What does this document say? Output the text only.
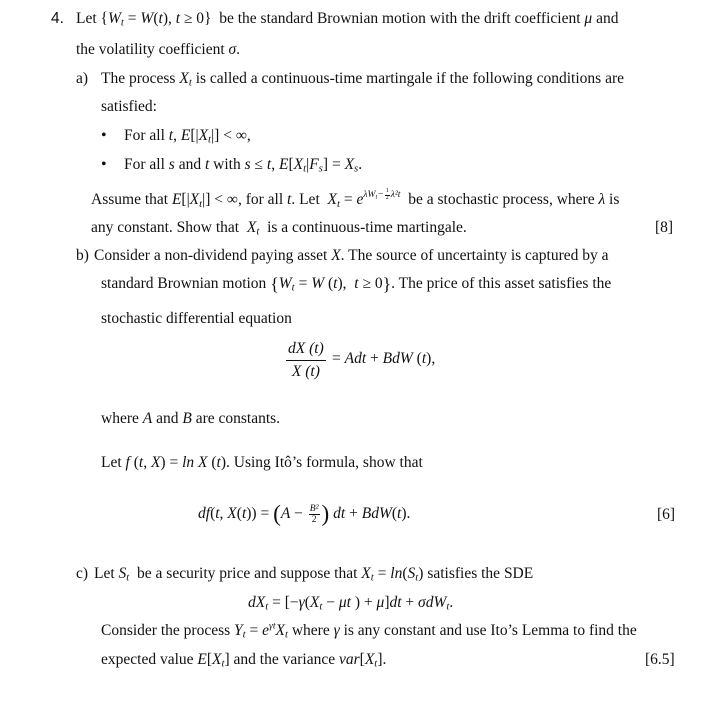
4. Let {$W_t = W(t)$, t ≥ 0}  be the standard Brownian motion with the drift coefficient μ and
the volatility coefficient σ.
a) The process $X_t$ is called a continuous-time martingale if the following conditions are
satisfied:
• For all t, $E[|X_t|]$ < ∞,
• For all s and t with s ≤ t, $E[X_t|F_s] = X_s$.
Assume that $E[|X_t|]$ < ∞, for all t. Let  $X_t = e^{\lambda W_t- \frac{1}{2} \lambda^2t}$  be a stochastic process, where λ is
any constant. Show that  $X_t$  is a continuous-time martingale.	[8]
b) Consider a non-dividend paying asset X. The source of uncertainty is captured by a
standard Brownian motion {$W_t = W$ (t),  t ≥ 0}. The price of this asset satisfies the
stochastic differential equation
$\frac{dX (t)}{X (t)}$ = Adt + BdW (t),
where A and B are constants.
Let f (t, X) = ln X (t). Using Itô’s formula, show that
df(t, $X(t)) = (A - \frac{\text{B²}}{2}$ ) dt + BdW(t).	[6]
c) Let $S_t$  be a security price and suppose that $X_t = \ln(S_t)$ satisfies the SDE
$dX_t = [-\gamma(X_t - \mu t$ ) + μ]dt + σdW$_t$.
Consider the process $Y_t = e^{\gamma t}X_t$ where γ is any constant and use Ito’s Lemma to find the
expected value $E[X_t]$ and the variance $var[X_t]$.	[6.5]
